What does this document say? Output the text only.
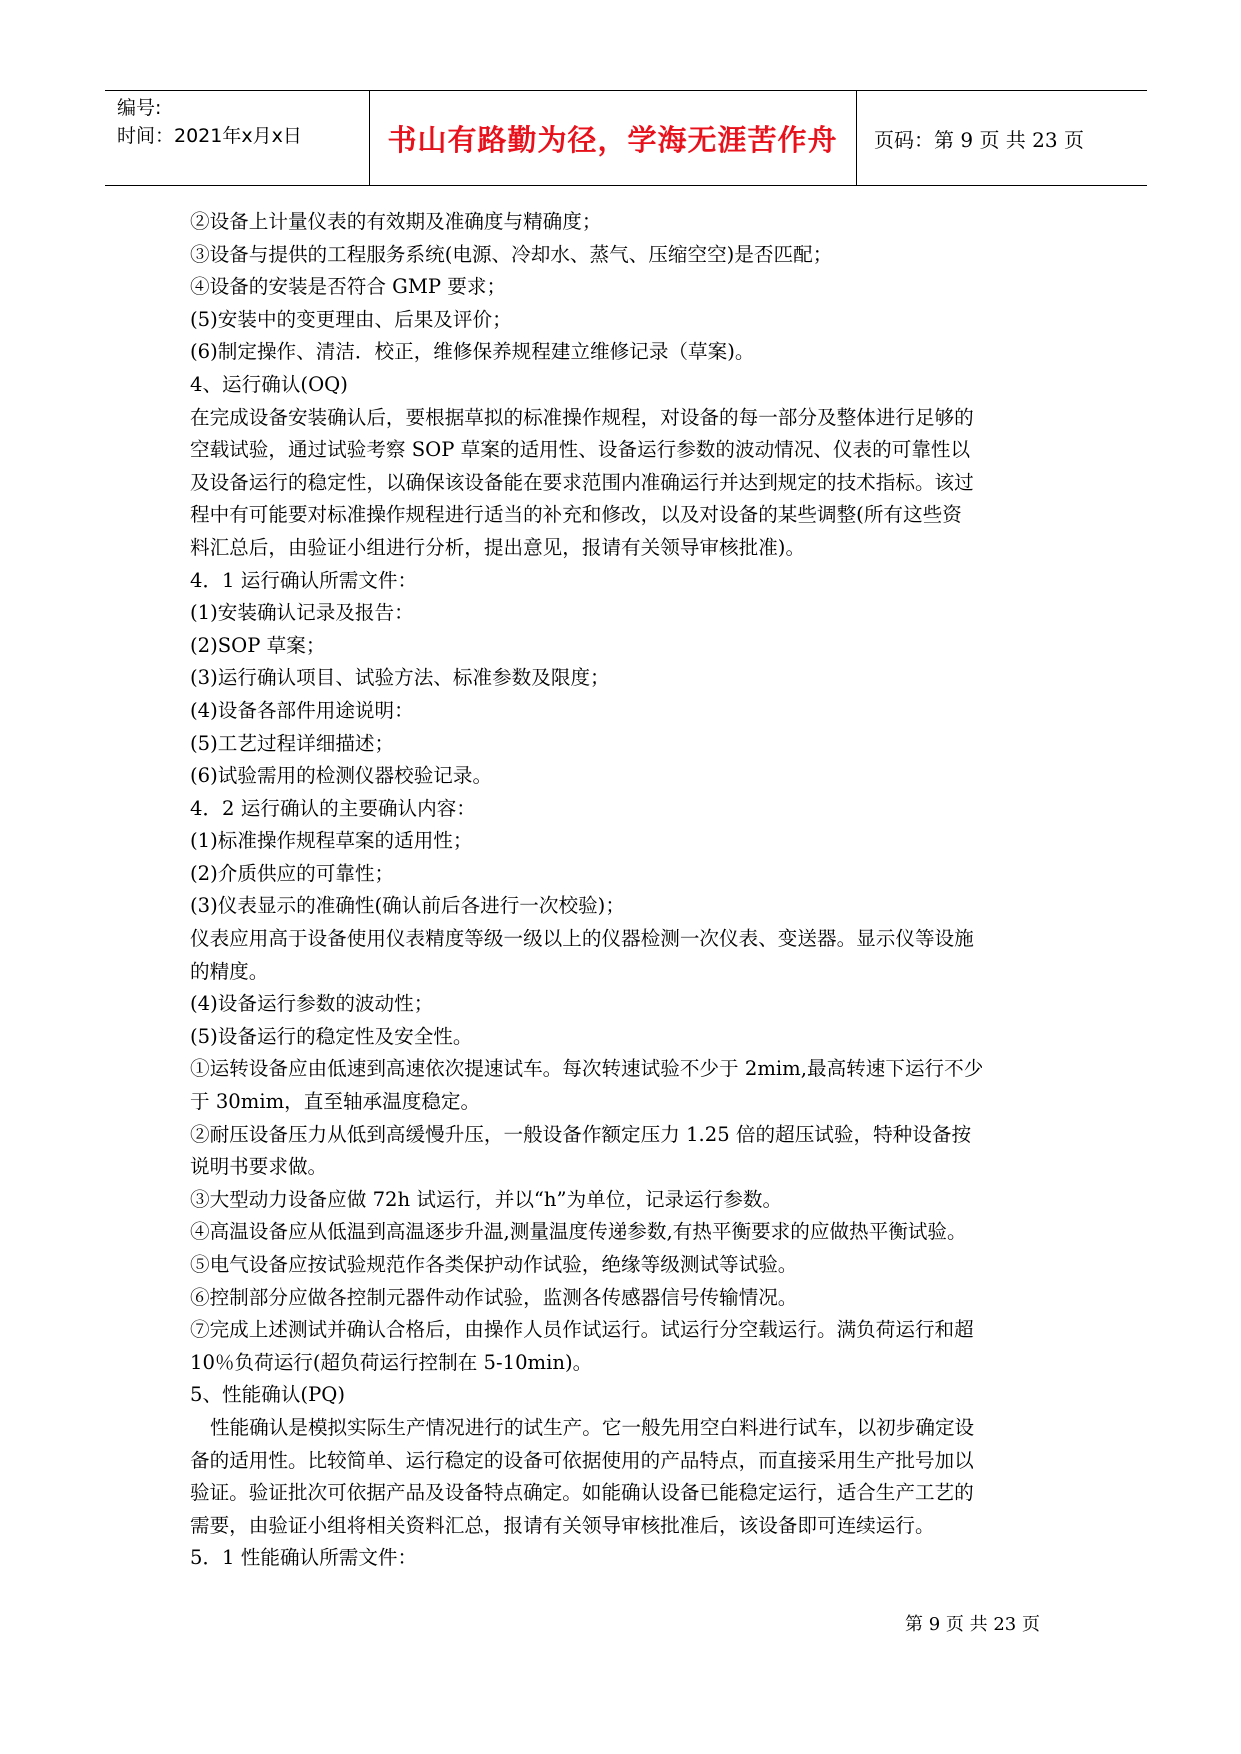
编号:
时间：2021年x月x日	书山有路勤为径，学海无涯苦作舟	页码：第 9 页 共 23 页
②设备上计量仪表的有效期及准确度与精确度；
③设备与提供的工程服务系统(电源、冷却水、蒸气、压缩空空)是否匹配；
④设备的安装是否符合 GMP 要求；
(5)安装中的变更理由、后果及评价；
(6)制定操作、清洁．校正，维修保养规程建立维修记录（草案)。
4、运行确认(OQ)
在完成设备安装确认后，要根据草拟的标准操作规程，对设备的每一部分及整体进行足够的
空载试验，通过试验考察 SOP 草案的适用性、设备运行参数的波动情况、仪表的可靠性以
及设备运行的稳定性，以确保该设备能在要求范围内准确运行并达到规定的技术指标。该过
程中有可能要对标准操作规程进行适当的补充和修改，以及对设备的某些调整(所有这些资
料汇总后，由验证小组进行分析，提出意见，报请有关领导审核批准)。
4．1 运行确认所需文件：
(1)安装确认记录及报告：
(2)SOP 草案；
(3)运行确认项目、试验方法、标准参数及限度；
(4)设备各部件用途说明：
(5)工艺过程详细描述；
(6)试验需用的检测仪器校验记录。
4．2 运行确认的主要确认内容：
(1)标准操作规程草案的适用性；
(2)介质供应的可靠性；
(3)仪表显示的准确性(确认前后各进行一次校验)；
仪表应用高于设备使用仪表精度等级一级以上的仪器检测一次仪表、变送器。显示仪等设施
的精度。
(4)设备运行参数的波动性；
(5)设备运行的稳定性及安全性。
①运转设备应由低速到高速依次提速试车。每次转速试验不少于 2mim,最高转速下运行不少
于 30mim，直至轴承温度稳定。
②耐压设备压力从低到高缓慢升压，一般设备作额定压力 1.25 倍的超压试验，特种设备按
说明书要求做。
③大型动力设备应做 72h 试运行，并以“h”为单位，记录运行参数。
④高温设备应从低温到高温逐步升温,测量温度传递参数,有热平衡要求的应做热平衡试验。
⑤电气设备应按试验规范作各类保护动作试验，绝缘等级测试等试验。
⑥控制部分应做各控制元器件动作试验，监测各传感器信号传输情况。
⑦完成上述测试并确认合格后，由操作人员作试运行。试运行分空载运行。满负荷运行和超
10％负荷运行(超负荷运行控制在 5-10min)。
5、性能确认(PQ)
性能确认是模拟实际生产情况进行的试生产。它一般先用空白料进行试车，以初步确定设
备的适用性。比较简单、运行稳定的设备可依据使用的产品特点，而直接采用生产批号加以
验证。验证批次可依据产品及设备特点确定。如能确认设备已能稳定运行，适合生产工艺的
需要，由验证小组将相关资料汇总，报请有关领导审核批准后，该设备即可连续运行。
5．1 性能确认所需文件：
第 9 页 共 23 页
